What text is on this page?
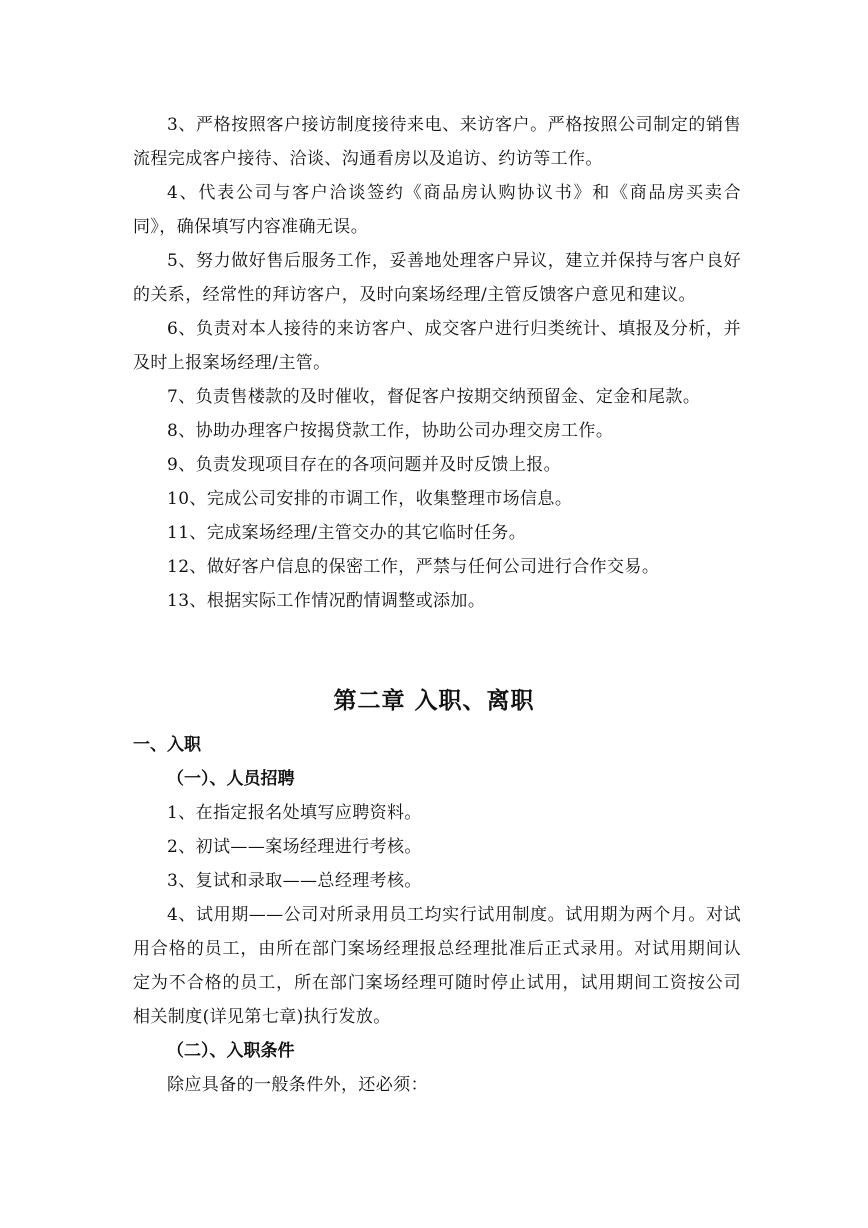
3、严格按照客户接访制度接待来电、来访客户。严格按照公司制定的销售流程完成客户接待、洽谈、沟通看房以及追访、约访等工作。

4、代表公司与客户洽谈签约《商品房认购协议书》和《商品房买卖合同》，确保填写内容准确无误。

5、努力做好售后服务工作，妥善地处理客户异议，建立并保持与客户良好的关系，经常性的拜访客户，及时向案场经理/主管反馈客户意见和建议。

6、负责对本人接待的来访客户、成交客户进行归类统计、填报及分析，并及时上报案场经理/主管。

7、负责售楼款的及时催收，督促客户按期交纳预留金、定金和尾款。

8、协助办理客户按揭贷款工作，协助公司办理交房工作。

9、负责发现项目存在的各项问题并及时反馈上报。

10、完成公司安排的市调工作，收集整理市场信息。

11、完成案场经理/主管交办的其它临时任务。

12、做好客户信息的保密工作，严禁与任何公司进行合作交易。

13、根据实际工作情况酌情调整或添加。

第二章 入职、离职
一、入职
（一）、人员招聘

1、在指定报名处填写应聘资料。

2、初试——案场经理进行考核。

3、复试和录取——总经理考核。

4、试用期——公司对所录用员工均实行试用制度。试用期为两个月。对试用合格的员工，由所在部门案场经理报总经理批准后正式录用。对试用期间认定为不合格的员工，所在部门案场经理可随时停止试用，试用期间工资按公司相关制度(详见第七章)执行发放。

（二）、入职条件

除应具备的一般条件外，还必须：
